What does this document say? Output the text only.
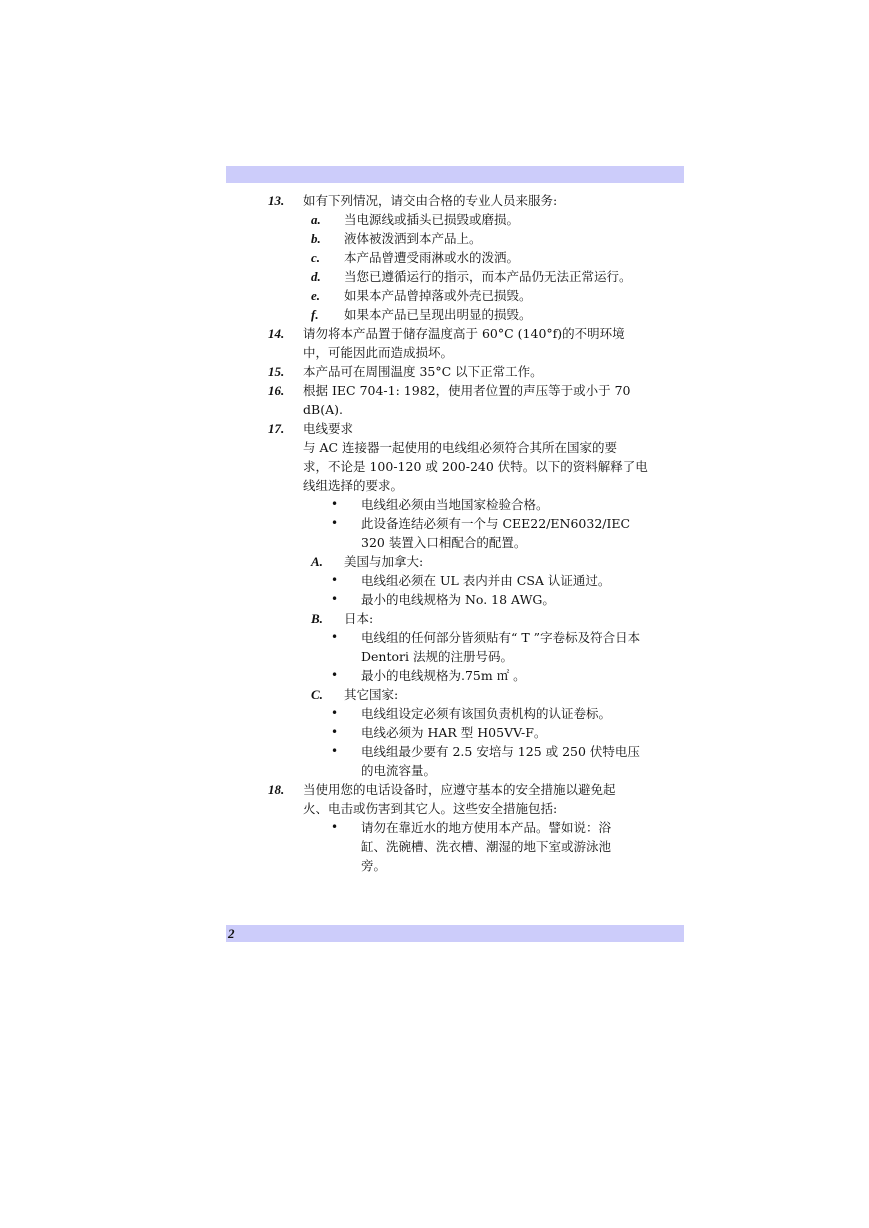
13. 如有下列情况，请交由合格的专业人员来服务:
a. 当电源线或插头已损毁或磨损。
b. 液体被泼洒到本产品上。
c. 本产品曾遭受雨淋或水的泼洒。
d. 当您已遵循运行的指示，而本产品仍无法正常运行。
e. 如果本产品曾掉落或外壳已损毁。
f. 如果本产品已呈现出明显的损毁。
14. 请勿将本产品置于储存温度高于 60°C (140°f)的不明环境
中，可能因此而造成损坏。
15. 本产品可在周围温度 35°C 以下正常工作。
16. 根据 IEC 704-1: 1982，使用者位置的声压等于或小于 70
dB(A).
17. 电线要求
与 AC 连接器一起使用的电线组必须符合其所在国家的要
求，不论是 100-120 或 200-240 伏特。以下的资料解释了电
线组选择的要求。
• 电线组必须由当地国家检验合格。
• 此设备连结必须有一个与 CEE22/EN6032/IEC
320 装置入口相配合的配置。
A. 美国与加拿大:
• 电线组必须在 UL 表内并由 CSA 认证通过。
• 最小的电线规格为 No. 18 AWG。
B. 日本:
• 电线组的任何部分皆须贴有“ T ”字卷标及符合日本
Dentori 法规的注册号码。
• 最小的电线规格为.75m ㎡ 。
C. 其它国家:
• 电线组设定必须有该国负责机构的认证卷标。
• 电线必须为 HAR 型 H05VV-F。
• 电线组最少要有 2.5 安培与 125 或 250 伏特电压
的电流容量。
18. 当使用您的电话设备时，应遵守基本的安全措施以避免起
火、电击或伤害到其它人。这些安全措施包括:
• 请勿在靠近水的地方使用本产品。譬如说：浴
缸、洗碗槽、洗衣槽、潮湿的地下室或游泳池
旁。
2
